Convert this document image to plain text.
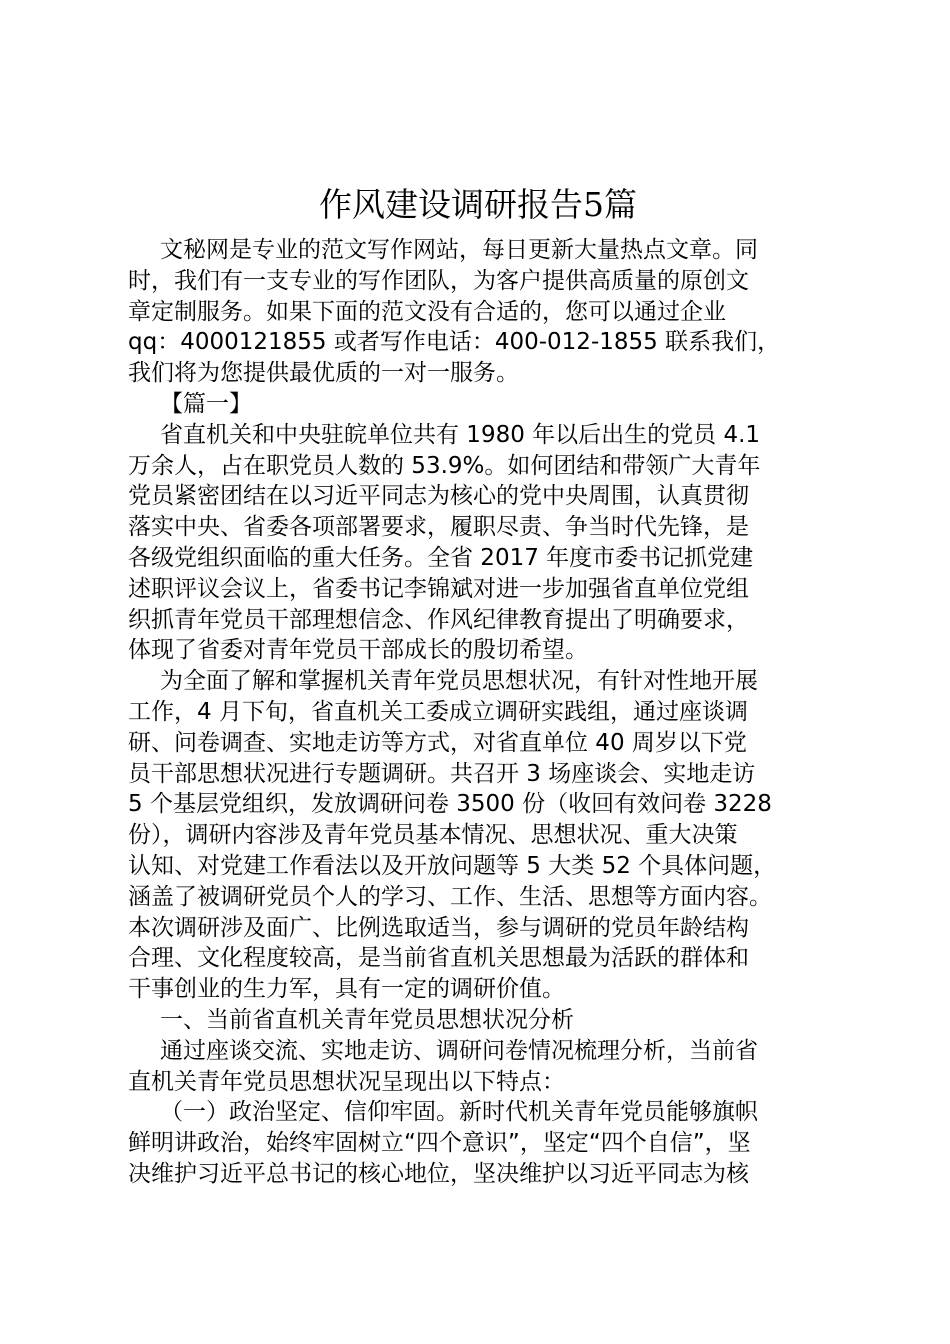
作风建设调研报告5篇
文秘网是专业的范文写作网站，每日更新大量热点文章。同
时，我们有一支专业的写作团队，为客户提供高质量的原创文
章定制服务。如果下面的范文没有合适的，您可以通过企业
qq：4000121855 或者写作电话：400-012-1855 联系我们，
我们将为您提供最优质的一对一服务。
【篇一】
省直机关和中央驻皖单位共有 1980 年以后出生的党员 4.1
万余人，占在职党员人数的 53.9%。如何团结和带领广大青年
党员紧密团结在以习近平同志为核心的党中央周围，认真贯彻
落实中央、省委各项部署要求，履职尽责、争当时代先锋，是
各级党组织面临的重大任务。全省 2017 年度市委书记抓党建
述职评议会议上，省委书记李锦斌对进一步加强省直单位党组
织抓青年党员干部理想信念、作风纪律教育提出了明确要求，
体现了省委对青年党员干部成长的殷切希望。
为全面了解和掌握机关青年党员思想状况，有针对性地开展
工作，4 月下旬，省直机关工委成立调研实践组，通过座谈调
研、问卷调查、实地走访等方式，对省直单位 40 周岁以下党
员干部思想状况进行专题调研。共召开 3 场座谈会、实地走访
5 个基层党组织，发放调研问卷 3500 份（收回有效问卷 3228
份），调研内容涉及青年党员基本情况、思想状况、重大决策
认知、对党建工作看法以及开放问题等 5 大类 52 个具体问题，
涵盖了被调研党员个人的学习、工作、生活、思想等方面内容。
本次调研涉及面广、比例选取适当，参与调研的党员年龄结构
合理、文化程度较高，是当前省直机关思想最为活跃的群体和
干事创业的生力军，具有一定的调研价值。
一、当前省直机关青年党员思想状况分析
通过座谈交流、实地走访、调研问卷情况梳理分析，当前省
直机关青年党员思想状况呈现出以下特点：
（一）政治坚定、信仰牢固。新时代机关青年党员能够旗帜
鲜明讲政治，始终牢固树立“四个意识”，坚定“四个自信”，坚
决维护习近平总书记的核心地位，坚决维护以习近平同志为核
